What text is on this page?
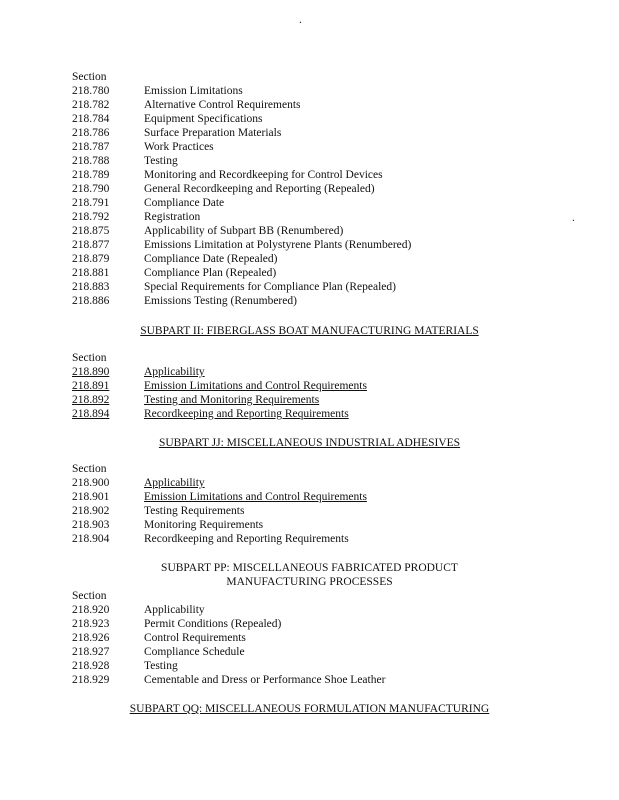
.
.
Section
218.780	Emission Limitations
218.782	Alternative Control Requirements
218.784	Equipment Specifications
218.786	Surface Preparation Materials
218.787	Work Practices
218.788	Testing
218.789	Monitoring and Recordkeeping for Control Devices
218.790	General Recordkeeping and Reporting (Repealed)
218.791	Compliance Date
218.792	Registration
218.875	Applicability of Subpart BB (Renumbered)
218.877	Emissions Limitation at Polystyrene Plants (Renumbered)
218.879	Compliance Date (Repealed)
218.881	Compliance Plan (Repealed)
218.883	Special Requirements for Compliance Plan (Repealed)
218.886	Emissions Testing (Renumbered)
SUBPART II: FIBERGLASS BOAT MANUFACTURING MATERIALS
Section
218.890	Applicability
218.891	Emission Limitations and Control Requirements
218.892	Testing and Monitoring Requirements
218.894	Recordkeeping and Reporting Requirements
SUBPART JJ: MISCELLANEOUS INDUSTRIAL ADHESIVES
Section
218.900	Applicability
218.901	Emission Limitations and Control Requirements
218.902	Testing Requirements
218.903	Monitoring Requirements
218.904	Recordkeeping and Reporting Requirements
SUBPART PP: MISCELLANEOUS FABRICATED PRODUCT
MANUFACTURING PROCESSES
Section
218.920	Applicability
218.923	Permit Conditions (Repealed)
218.926	Control Requirements
218.927	Compliance Schedule
218.928	Testing
218.929	Cementable and Dress or Performance Shoe Leather
SUBPART QQ: MISCELLANEOUS FORMULATION MANUFACTURING
